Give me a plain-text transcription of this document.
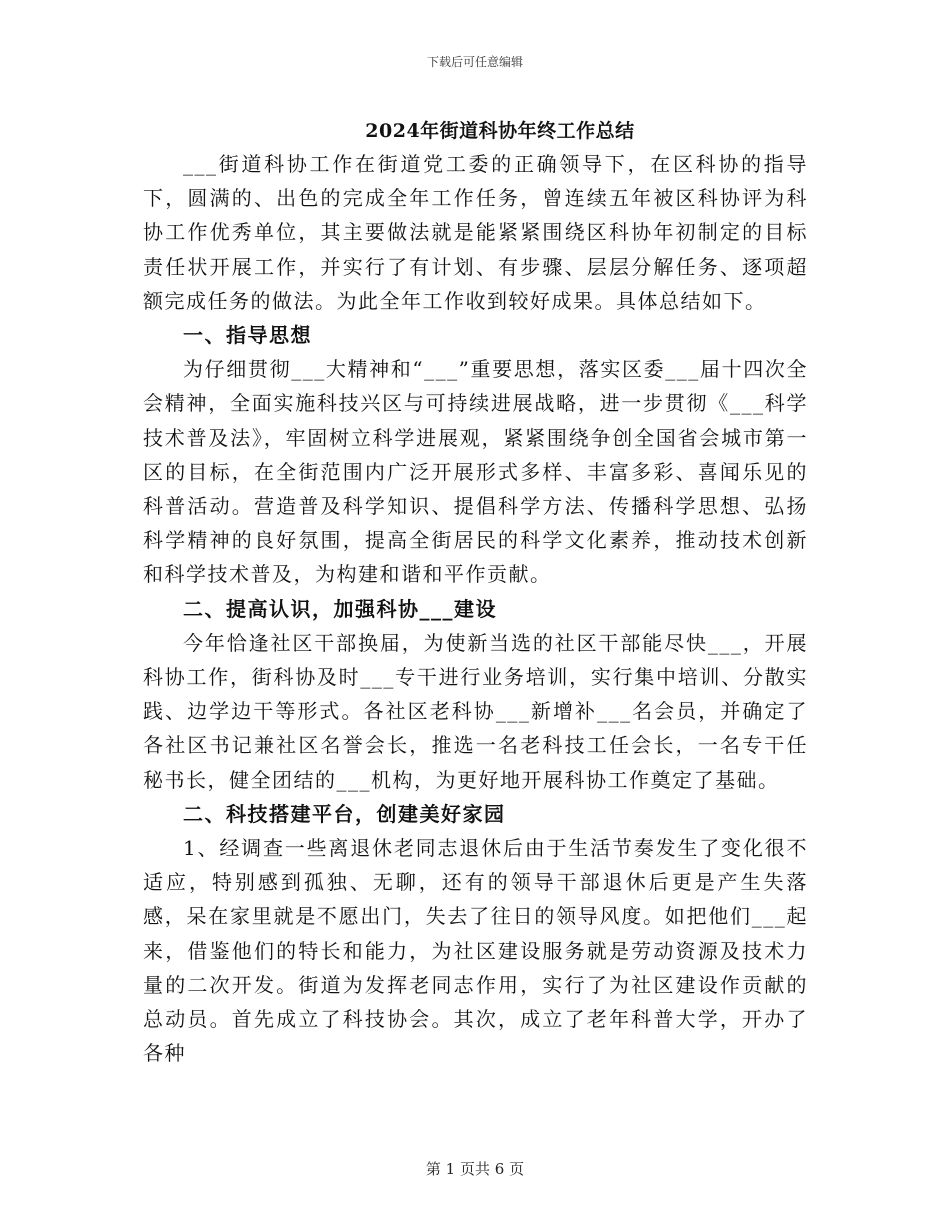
下载后可任意编辑
2024年街道科协年终工作总结

___街道科协工作在街道党工委的正确领导下，在区科协的指导下，圆满的、出色的完成全年工作任务，曾连续五年被区科协评为科协工作优秀单位，其主要做法就是能紧紧围绕区科协年初制定的目标责任状开展工作，并实行了有计划、有步骤、层层分解任务、逐项超额完成任务的做法。为此全年工作收到较好成果。具体总结如下。

一、指导思想

为仔细贯彻___大精神和“___”重要思想，落实区委___届十四次全会精神，全面实施科技兴区与可持续进展战略，进一步贯彻《___科学技术普及法》，牢固树立科学进展观，紧紧围绕争创全国省会城市第一区的目标，在全街范围内广泛开展形式多样、丰富多彩、喜闻乐见的科普活动。营造普及科学知识、提倡科学方法、传播科学思想、弘扬科学精神的良好氛围，提高全街居民的科学文化素养，推动技术创新和科学技术普及，为构建和谐和平作贡献。

二、提高认识，加强科协___建设

今年恰逢社区干部换届，为使新当选的社区干部能尽快___，开展科协工作，街科协及时___专干进行业务培训，实行集中培训、分散实践、边学边干等形式。各社区老科协___新增补___名会员，并确定了各社区书记兼社区名誉会长，推选一名老科技工任会长，一名专干任秘书长，健全团结的___机构，为更好地开展科协工作奠定了基础。

二、科技搭建平台，创建美好家园

1、经调查一些离退休老同志退休后由于生活节奏发生了变化很不适应，特别感到孤独、无聊，还有的领导干部退休后更是产生失落感，呆在家里就是不愿出门，失去了往日的领导风度。如把他们___起来，借鉴他们的特长和能力，为社区建设服务就是劳动资源及技术力量的二次开发。街道为发挥老同志作用，实行了为社区建设作贡献的总动员。首先成立了科技协会。其次，成立了老年科普大学，开办了各种

第 1 页共 6 页
